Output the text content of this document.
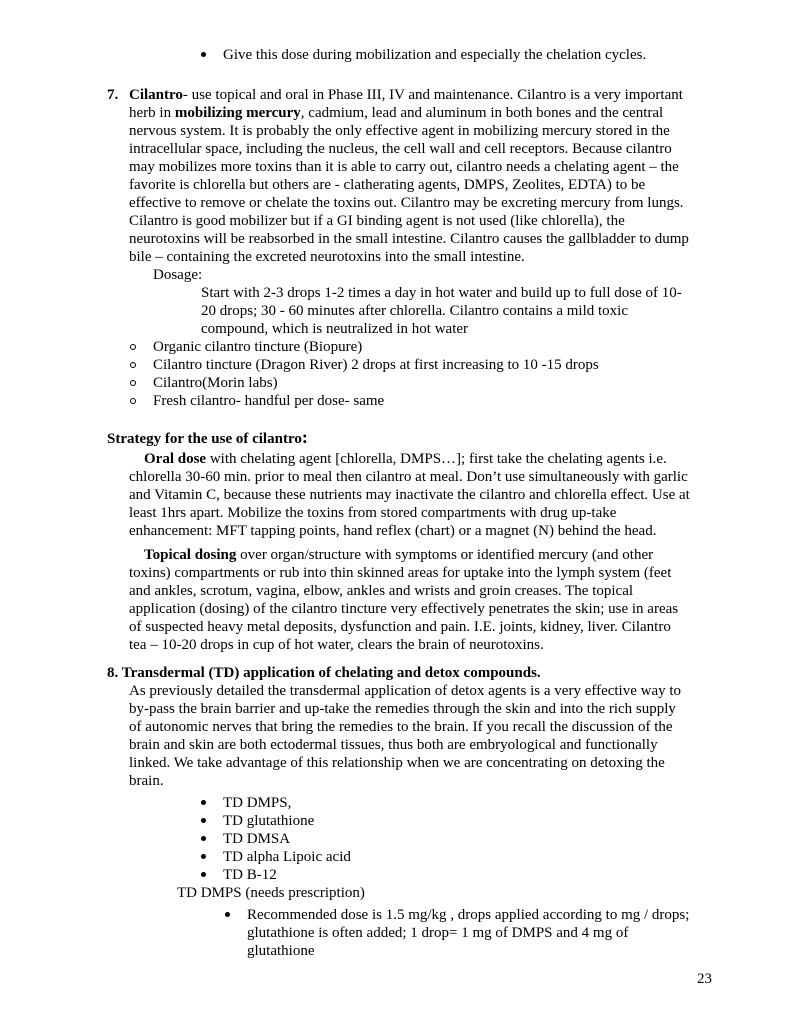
Give this dose during mobilization and especially the chelation cycles.
7. Cilantro- use topical and oral in Phase III, IV and maintenance. Cilantro is a very important
herb in mobilizing mercury, cadmium, lead and aluminum in both bones and the central
nervous system. It is probably the only effective agent in mobilizing mercury stored in the
intracellular space, including the nucleus, the cell wall and cell receptors. Because cilantro
may mobilizes more toxins than it is able to carry out, cilantro needs a chelating agent – the
favorite is chlorella but others are - clatherating agents, DMPS, Zeolites, EDTA) to be
effective to remove or chelate the toxins out. Cilantro may be excreting mercury from lungs.
Cilantro is good mobilizer but if a GI binding agent is not used (like chlorella), the
neurotoxins will be reabsorbed in the small intestine. Cilantro causes the gallbladder to dump
bile – containing the excreted neurotoxins into the small intestine.
Dosage:
Start with 2-3 drops 1-2 times a day in hot water and build up to full dose of 10-
20 drops; 30 - 60 minutes after chlorella. Cilantro contains a mild toxic
compound, which is neutralized in hot water
Organic cilantro tincture (Biopure)
Cilantro tincture (Dragon River) 2 drops at first increasing to 10 -15 drops
Cilantro(Morin labs)
Fresh cilantro- handful per dose- same
Strategy for the use of cilantro:
Oral dose with chelating agent [chlorella, DMPS…]; first take the chelating agents i.e.
chlorella 30-60 min. prior to meal then cilantro at meal. Don’t use simultaneously with garlic
and Vitamin C, because these nutrients may inactivate the cilantro and chlorella effect. Use at
least 1hrs apart. Mobilize the toxins from stored compartments with drug up-take
enhancement: MFT tapping points, hand reflex (chart) or a magnet (N) behind the head.
Topical dosing over organ/structure with symptoms or identified mercury (and other
toxins) compartments or rub into thin skinned areas for uptake into the lymph system (feet
and ankles, scrotum, vagina, elbow, ankles and wrists and groin creases. The topical
application (dosing) of the cilantro tincture very effectively penetrates the skin; use in areas
of suspected heavy metal deposits, dysfunction and pain. I.E. joints, kidney, liver. Cilantro
tea – 10-20 drops in cup of hot water, clears the brain of neurotoxins.
8. Transdermal (TD) application of chelating and detox compounds.
As previously detailed the transdermal application of detox agents is a very effective way to
by-pass the brain barrier and up-take the remedies through the skin and into the rich supply
of autonomic nerves that bring the remedies to the brain. If you recall the discussion of the
brain and skin are both ectodermal tissues, thus both are embryological and functionally
linked. We take advantage of this relationship when we are concentrating on detoxing the
brain.
TD DMPS,
TD glutathione
TD DMSA
TD alpha Lipoic acid
TD B-12
TD DMPS (needs prescription)
Recommended dose is 1.5 mg/kg , drops applied according to mg / drops;
glutathione is often added; 1 drop= 1 mg of DMPS and 4 mg of
glutathione
23
